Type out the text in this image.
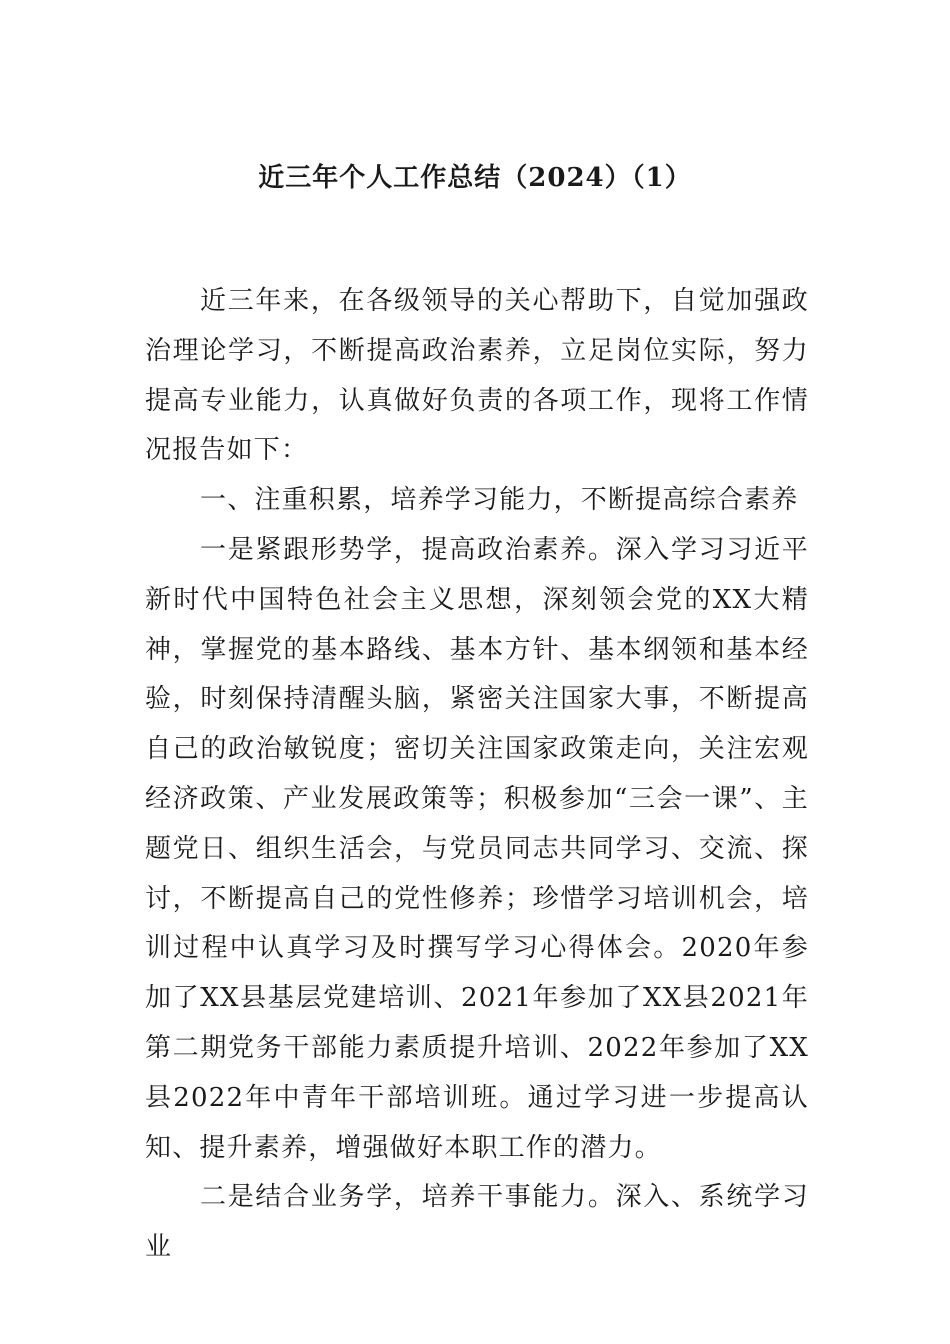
近三年个人工作总结（2024）（1）

近三年来，在各级领导的关心帮助下，自觉加强政治理论学习，不断提高政治素养，立足岗位实际，努力提高专业能力，认真做好负责的各项工作，现将工作情况报告如下：

一、注重积累，培养学习能力，不断提高综合素养

一是紧跟形势学，提高政治素养。深入学习习近平新时代中国特色社会主义思想，深刻领会党的XX大精神，掌握党的基本路线、基本方针、基本纲领和基本经验，时刻保持清醒头脑，紧密关注国家大事，不断提高自己的政治敏锐度；密切关注国家政策走向，关注宏观经济政策、产业发展政策等；积极参加“三会一课”、主题党日、组织生活会，与党员同志共同学习、交流、探讨，不断提高自己的党性修养；珍惜学习培训机会，培训过程中认真学习及时撰写学习心得体会。2020年参加了XX县基层党建培训、2021年参加了XX县2021年第二期党务干部能力素质提升培训、2022年参加了XX县2022年中青年干部培训班。通过学习进一步提高认知、提升素养，增强做好本职工作的潜力。

二是结合业务学，培养干事能力。深入、系统学习业
